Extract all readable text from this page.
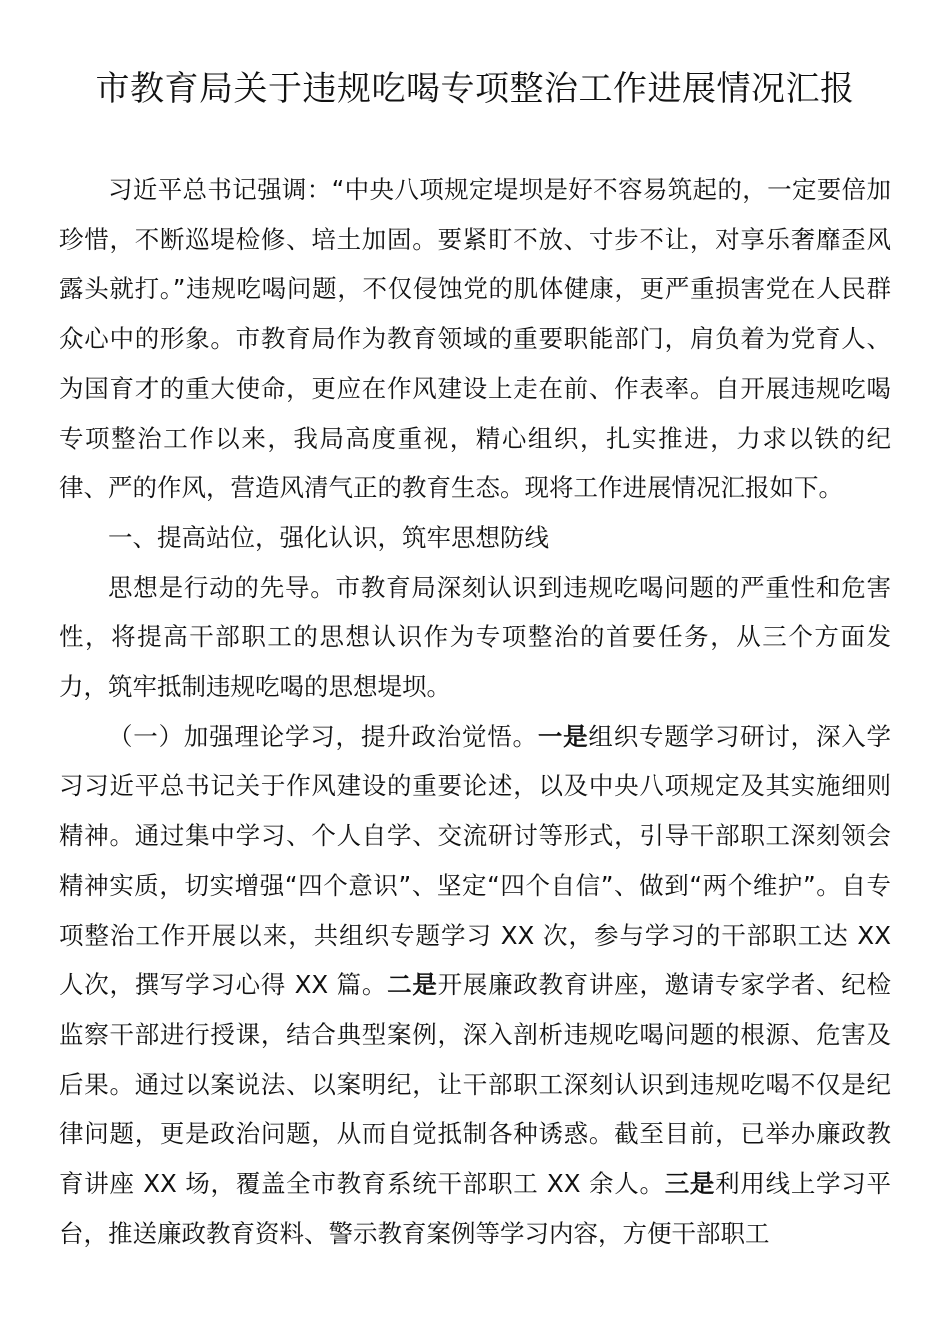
市教育局关于违规吃喝专项整治工作进展情况汇报

习近平总书记强调：“中央八项规定堤坝是好不容易筑起的，一定要倍加珍惜，不断巡堤检修、培土加固。要紧盯不放、寸步不让，对享乐奢靡歪风露头就打。”违规吃喝问题，不仅侵蚀党的肌体健康，更严重损害党在人民群众心中的形象。市教育局作为教育领域的重要职能部门，肩负着为党育人、为国育才的重大使命，更应在作风建设上走在前、作表率。自开展违规吃喝专项整治工作以来，我局高度重视，精心组织，扎实推进，力求以铁的纪律、严的作风，营造风清气正的教育生态。现将工作进展情况汇报如下。

一、提高站位，强化认识，筑牢思想防线

思想是行动的先导。市教育局深刻认识到违规吃喝问题的严重性和危害性，将提高干部职工的思想认识作为专项整治的首要任务，从三个方面发力，筑牢抵制违规吃喝的思想堤坝。

（一）加强理论学习，提升政治觉悟。一是组织专题学习研讨，深入学习习近平总书记关于作风建设的重要论述，以及中央八项规定及其实施细则精神。通过集中学习、个人自学、交流研讨等形式，引导干部职工深刻领会精神实质，切实增强“四个意识”、坚定“四个自信”、做到“两个维护”。自专项整治工作开展以来，共组织专题学习 XX 次，参与学习的干部职工达 XX 人次，撰写学习心得 XX 篇。二是开展廉政教育讲座，邀请专家学者、纪检监察干部进行授课，结合典型案例，深入剖析违规吃喝问题的根源、危害及后果。通过以案说法、以案明纪，让干部职工深刻认识到违规吃喝不仅是纪律问题，更是政治问题，从而自觉抵制各种诱惑。截至目前，已举办廉政教育讲座 XX 场，覆盖全市教育系统干部职工 XX 余人。三是利用线上学习平台，推送廉政教育资料、警示教育案例等学习内容，方便干部职工
